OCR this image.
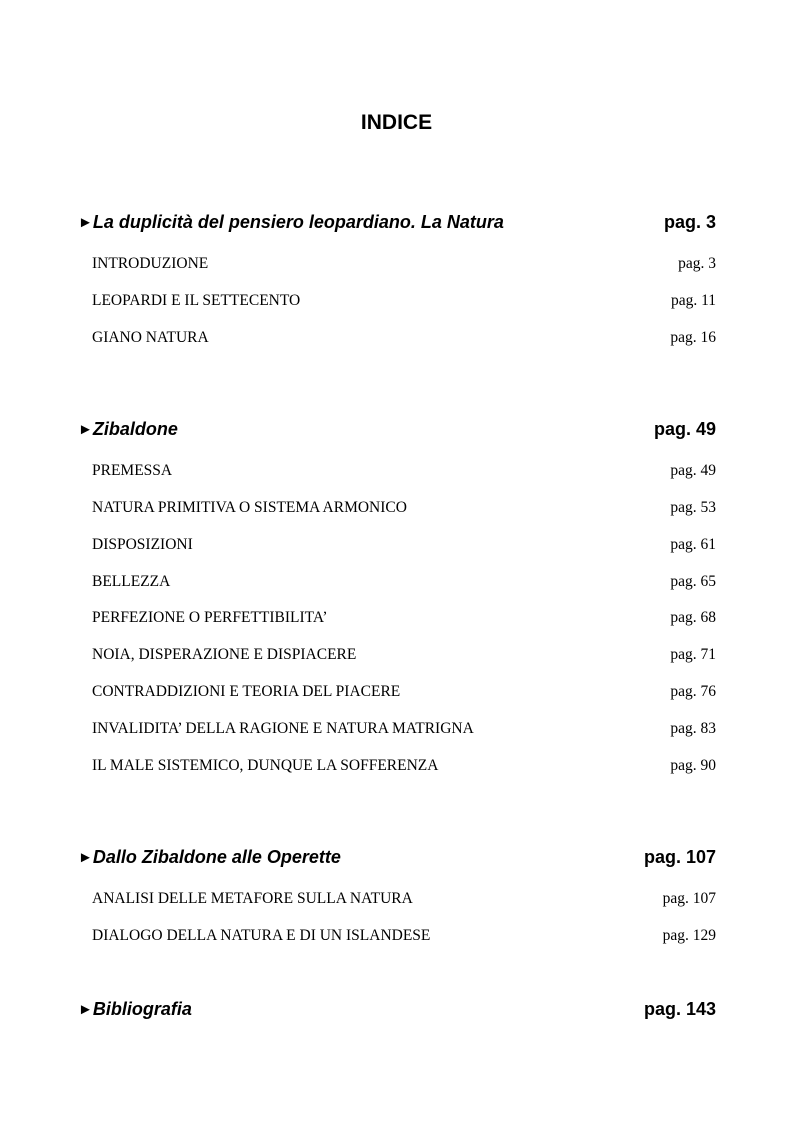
INDICE
►La duplicità del pensiero leopardiano. La Natura	pag. 3
INTRODUZIONE	pag. 3
LEOPARDI E IL SETTECENTO	pag. 11
GIANO NATURA	pag. 16
►Zibaldone	pag. 49
PREMESSA	pag. 49
NATURA PRIMITIVA O SISTEMA ARMONICO	pag. 53
DISPOSIZIONI	pag. 61
BELLEZZA	pag. 65
PERFEZIONE O PERFETTIBILITA’	pag. 68
NOIA, DISPERAZIONE E DISPIACERE	pag. 71
CONTRADDIZIONI E TEORIA DEL PIACERE	pag. 76
INVALIDITA’ DELLA RAGIONE E NATURA MATRIGNA	pag. 83
IL MALE SISTEMICO, DUNQUE LA SOFFERENZA	pag. 90
►Dallo Zibaldone alle Operette	pag. 107
ANALISI DELLE METAFORE SULLA NATURA	pag. 107
DIALOGO DELLA NATURA E DI UN ISLANDESE	pag. 129
►Bibliografia	pag. 143
